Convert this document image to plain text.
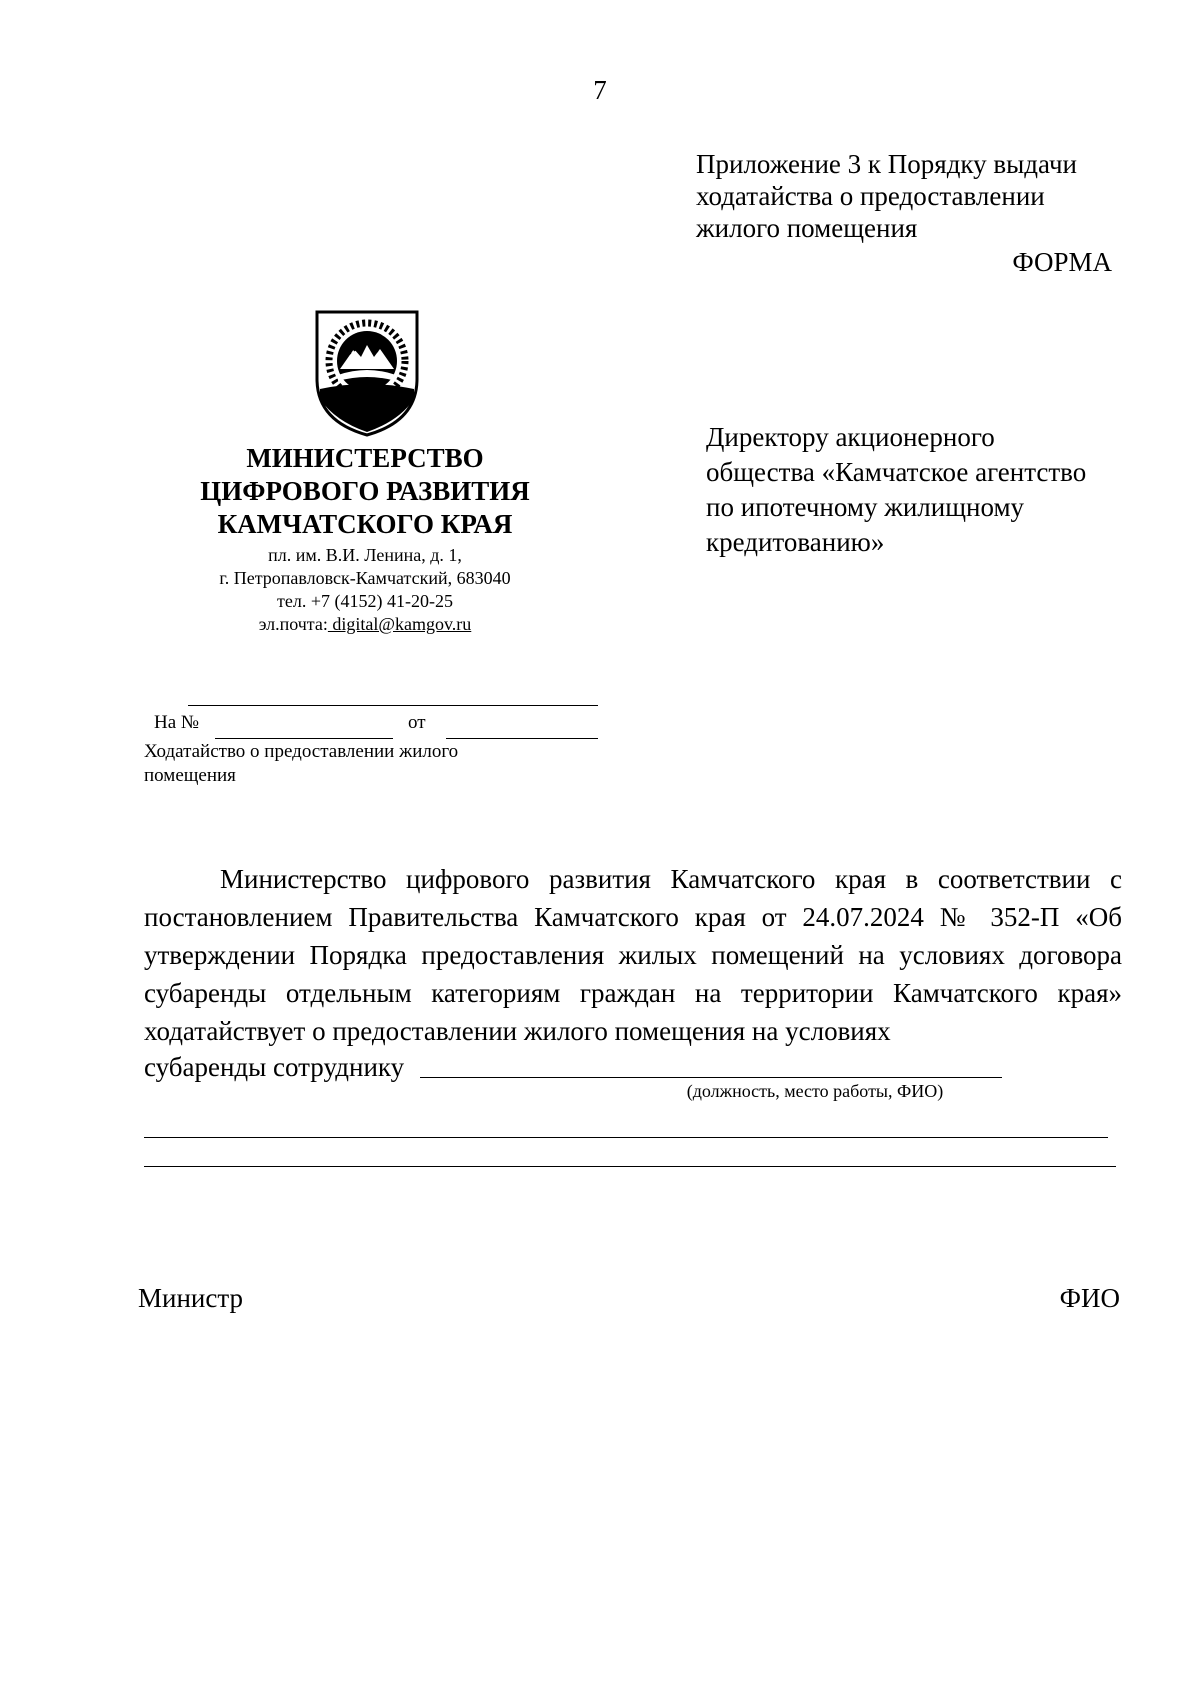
7
Приложение 3 к Порядку выдачи
ходатайства о предоставлении
жилого помещения
ФОРМА
МИНИСТЕРСТВО
ЦИФРОВОГО РАЗВИТИЯ
КАМЧАТСКОГО КРАЯ
пл. им. В.И. Ленина, д. 1,
г. Петропавловск-Камчатский, 683040
тел. +7 (4152) 41-20-25
эл.почта: digital@kamgov.ru
Директору акционерного
общества «Камчатское агентство
по ипотечному жилищному
кредитованию»
На №	от
Ходатайство о предоставлении жилого
помещения
Министерство цифрового развития Камчатского края в соответствии с постановлением Правительства Камчатского края от 24.07.2024 № 352-П «Об утверждении Порядка предоставления жилых помещений на условиях договора субаренды отдельным категориям граждан на территории Камчатского края» ходатайствует о предоставлении жилого помещения на условиях
субаренды сотруднику
(должность, место работы, ФИО)
Министр	ФИО
